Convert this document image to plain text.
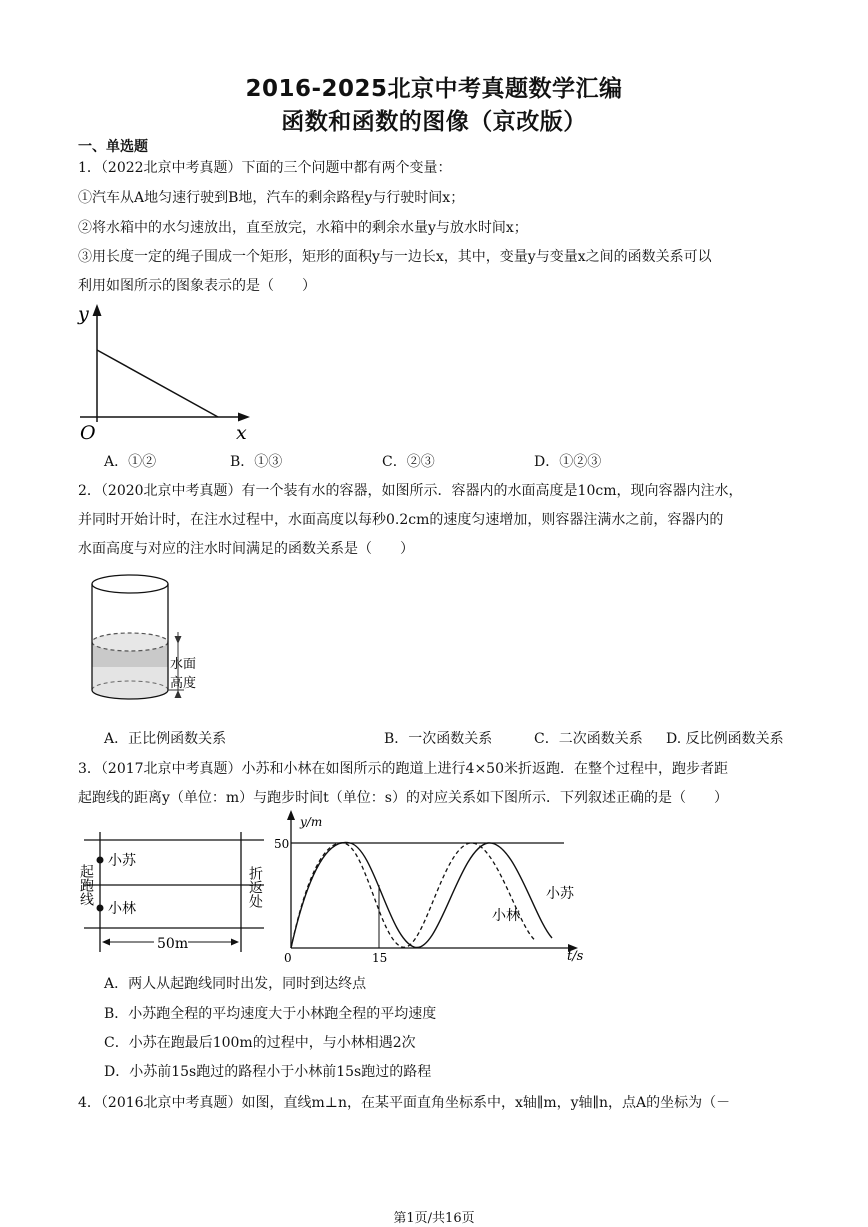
2016-2025北京中考真题数学汇编
函数和函数的图像（京改版）
一、单选题
1．（2022北京中考真题）下面的三个问题中都有两个变量：
①汽车从A地匀速行驶到B地，汽车的剩余路程y与行驶时间x；
②将水箱中的水匀速放出，直至放完，水箱中的剩余水量y与放水时间x；
③用长度一定的绳子围成一个矩形，矩形的面积y与一边长x，其中，变量y与变量x之间的函数关系可以
利用如图所示的图象表示的是（　　）
y
x
O
A．①②	B．①③	C．②③	D．①②③
2．（2020北京中考真题）有一个装有水的容器，如图所示．容器内的水面高度是10cm，现向容器内注水，
并同时开始计时，在注水过程中，水面高度以每秒0.2cm的速度匀速增加，则容器注满水之前，容器内的
水面高度与对应的注水时间满足的函数关系是（　　）
水面
高度
A．正比例函数关系	B．一次函数关系	C．二次函数关系 D. 反比例函数关系
3．（2017北京中考真题）小苏和小林在如图所示的跑道上进行4×50米折返跑．在整个过程中，跑步者距
起跑线的距离y（单位：m）与跑步时间t（单位：s）的对应关系如下图所示．下列叙述正确的是（　　）
小苏
小林
起跑线	折返处
50m
y/m
t/s
0
50
15
小苏
小林
A．两人从起跑线同时出发，同时到达终点
B．小苏跑全程的平均速度大于小林跑全程的平均速度
C．小苏在跑最后100m的过程中，与小林相遇2次
D．小苏前15s跑过的路程小于小林前15s跑过的路程
4．（2016北京中考真题）如图，直线m⊥n，在某平面直角坐标系中，x轴∥m，y轴∥n，点A的坐标为（－
第1页/共16页
